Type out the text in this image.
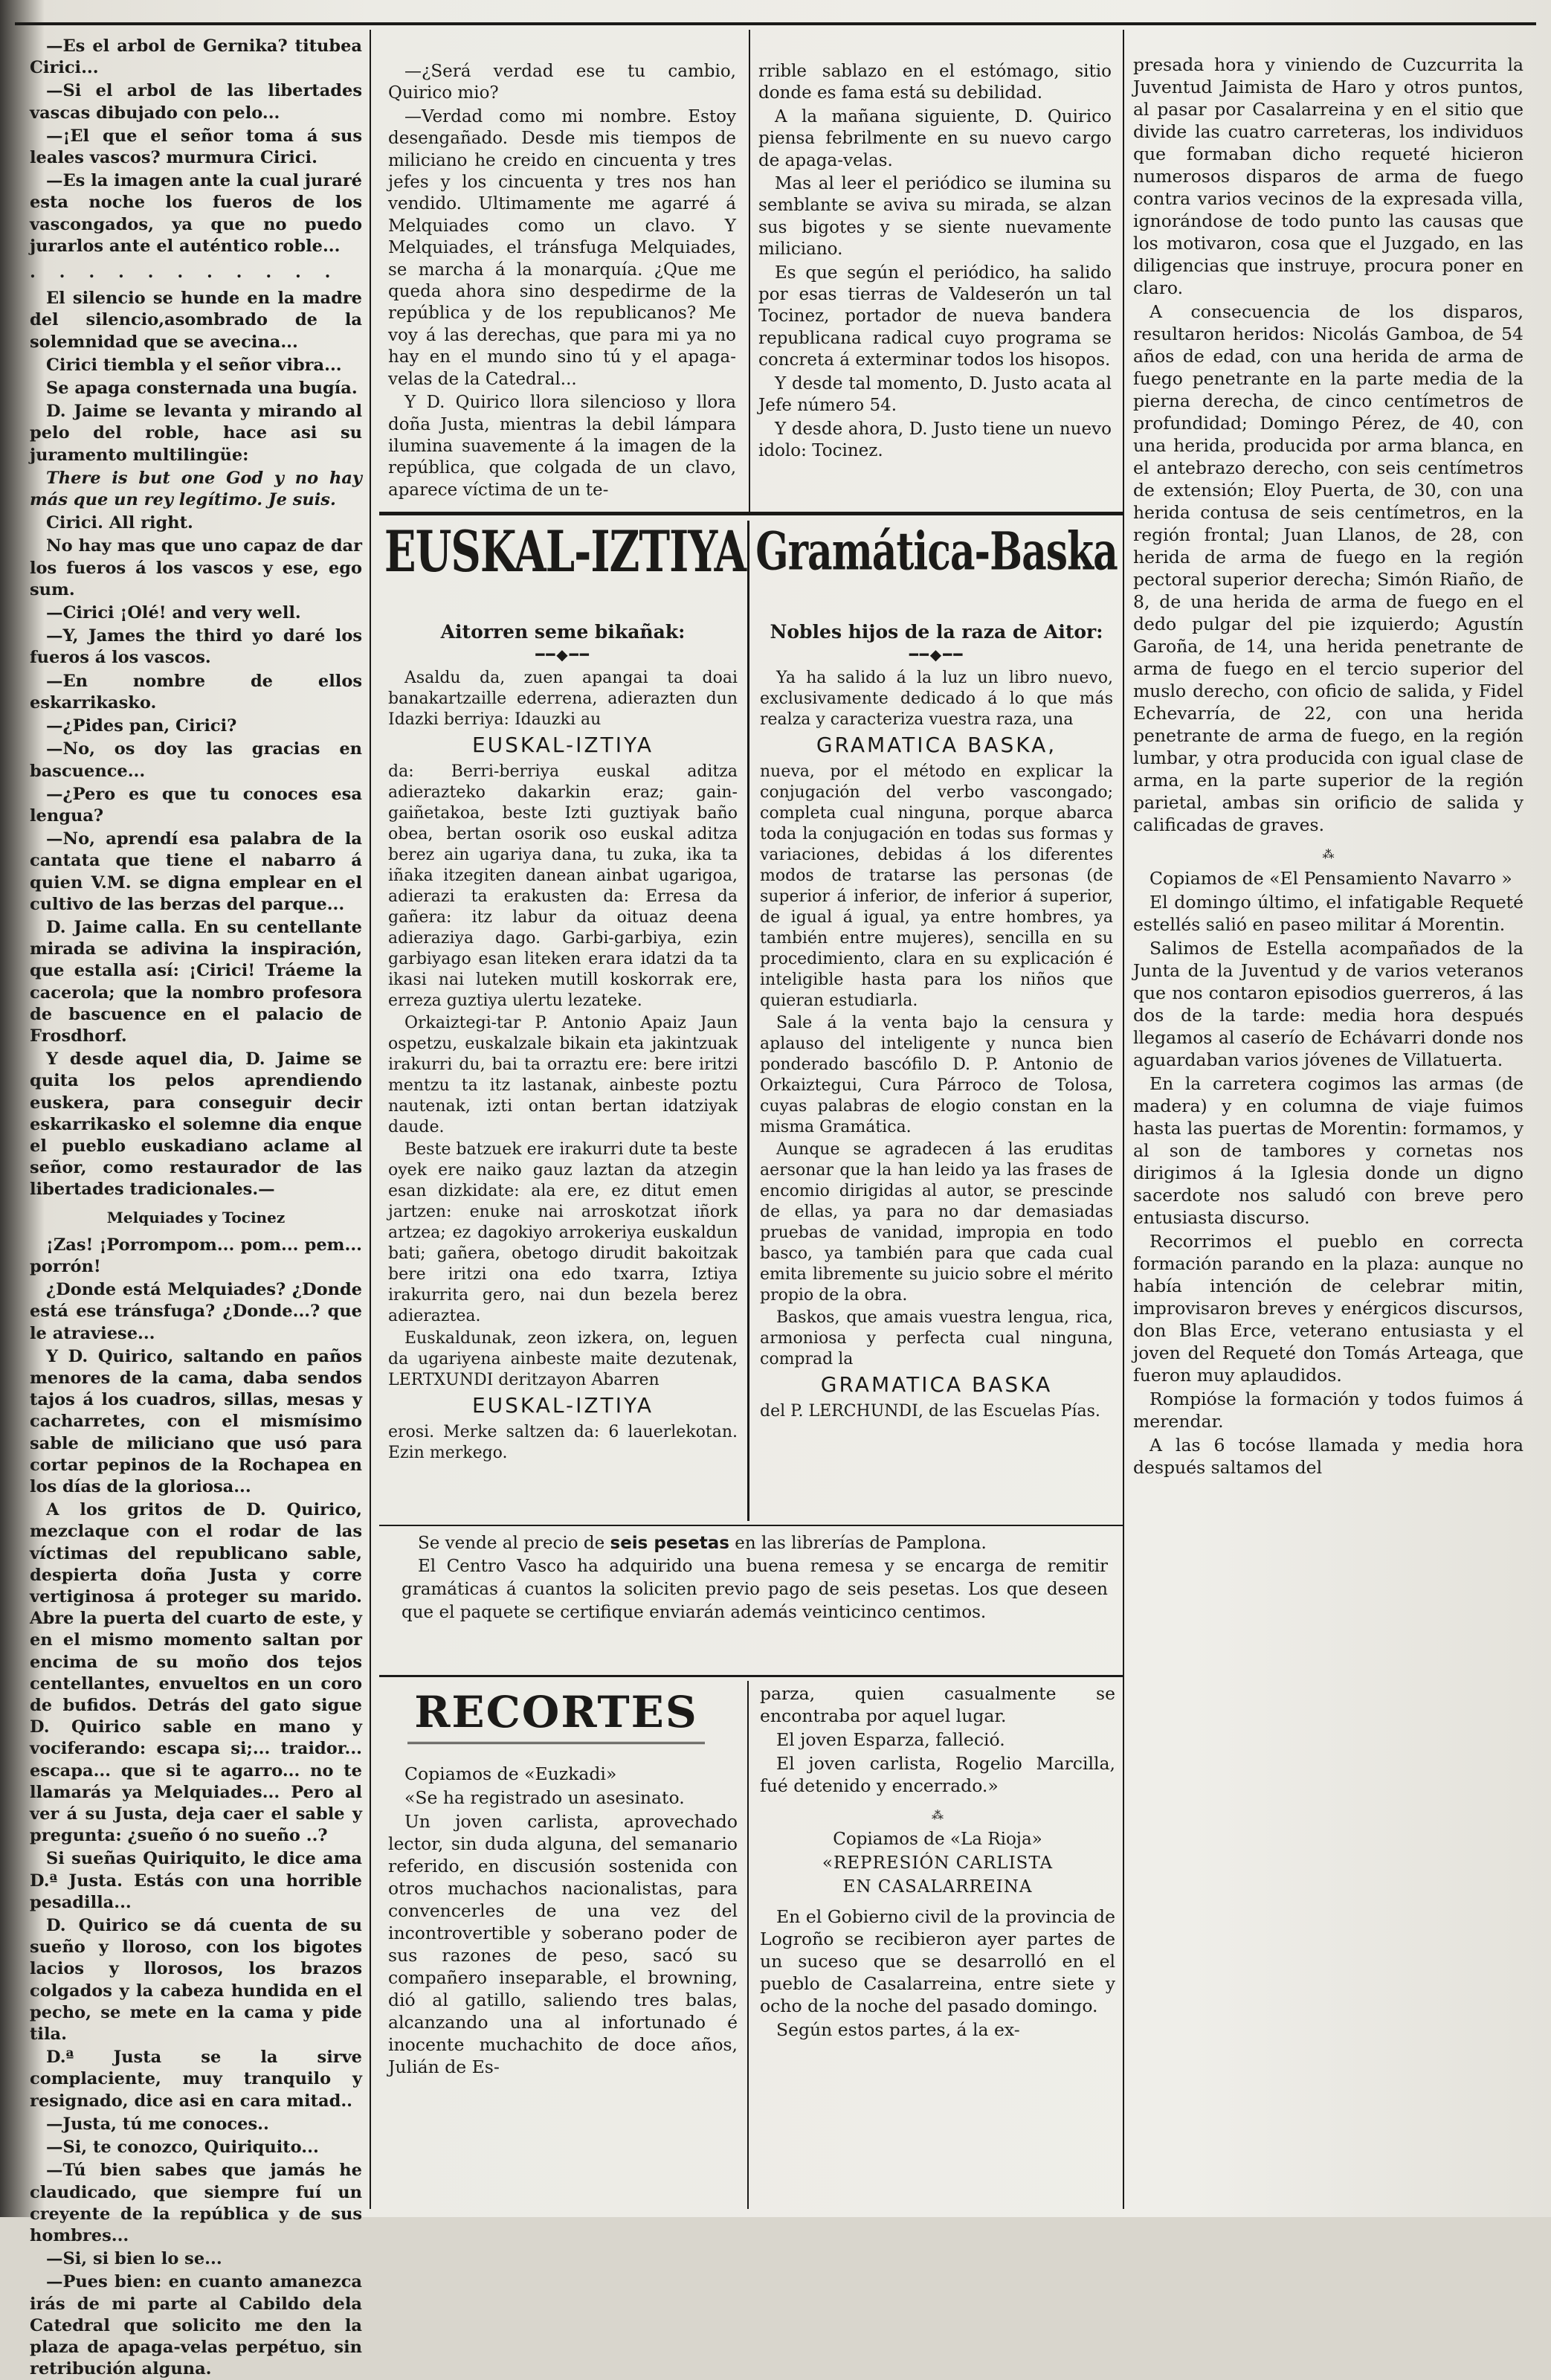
—Es el arbol de Gernika? titubea Cirici...

—Si el arbol de las libertades vascas dibujado con pelo...

—¡El que el señor toma á sus leales vascos? murmura Cirici.

—Es la imagen ante la cual juraré esta noche los fueros de los vascongados, ya que no puedo jurarlos ante el auténtico roble...

. . . . . . . . . . .

El silencio se hunde en la madre del silencio,asombrado de la solemnidad que se avecina...

Cirici tiembla y el señor vibra...

Se apaga consternada una bugía.

D. Jaime se levanta y mirando al pelo del roble, hace asi su juramento multilingüe:

There is but one God y no hay más que un rey legítimo. Je suis.

Cirici. All right.

No hay mas que uno capaz de dar los fueros á los vascos y ese, ego sum.

—Cirici ¡Olé! and very well.

—Y, James the third yo daré los fueros á los vascos.

—En nombre de ellos eskarrikasko.

—¿Pides pan, Cirici?

—No, os doy las gracias en bascuence...

—¿Pero es que tu conoces esa lengua?

—No, aprendí esa palabra de la cantata que tiene el nabarro á quien V.M. se digna emplear en el cultivo de las berzas del parque...

D. Jaime calla. En su centellante mirada se adivina la inspiración, que estalla así: ¡Cirici! Tráeme la cacerola; que la nombro profesora de bascuence en el palacio de Frosdhorf.

Y desde aquel dia, D. Jaime se quita los pelos aprendiendo euskera, para conseguir decir eskarrikasko el solemne dia enque el pueblo euskadiano aclame al señor, como restaurador de las libertades tradicionales.—

Melquiades y Tocinez

¡Zas! ¡Porrompom... pom... pem... porrón!

¿Donde está Melquiades? ¿Donde está ese tránsfuga? ¿Donde...? que le atraviese...

Y D. Quirico, saltando en paños menores de la cama, daba sendos tajos á los cuadros, sillas, mesas y cacharretes, con el mismísimo sable de miliciano que usó para cortar pepinos de la Rochapea en los días de la gloriosa...

A los gritos de D. Quirico, mezclaque con el rodar de las víctimas del republicano sable, despierta doña Justa y corre vertiginosa á proteger su marido. Abre la puerta del cuarto de este, y en el mismo momento saltan por encima de su moño dos tejos centellantes, envueltos en un coro de bufidos. Detrás del gato sigue D. Quirico sable en mano y vociferando: escapa si;... traidor... escapa... que si te agarro... no te llamarás ya Melquiades... Pero al ver á su Justa, deja caer el sable y pregunta: ¿sueño ó no sueño ..?

Si sueñas Quiriquito, le dice ama D.ª Justa. Estás con una horrible pesadilla...

D. Quirico se dá cuenta de su sueño y lloroso, con los bigotes lacios y llorosos, los brazos colgados y la cabeza hundida en el pecho, se mete en la cama y pide tila.

D.ª Justa se la sirve complaciente, muy tranquilo y resignado, dice asi en cara mitad..

—Justa, tú me conoces..

—Si, te conozco, Quiriquito...

—Tú bien sabes que jamás he claudicado, que siempre fuí un creyente de la república y de sus hombres...

—Si, si bien lo se...

—Pues bien: en cuanto amanezca irás de mi parte al Cabildo dela Catedral que solicito me den la plaza de apaga-velas perpétuo, sin retribución alguna.

—¿Será verdad ese tu cambio, Quirico mio?

—Verdad como mi nombre. Estoy desengañado. Desde mis tiempos de miliciano he creido en cincuenta y tres jefes y los cincuenta y tres nos han vendido. Ultimamente me agarré á Melquiades como un clavo. Y Melquiades, el tránsfuga Melquiades, se marcha á la monarquía. ¿Que me queda ahora sino despedirme de la república y de los republicanos? Me voy á las derechas, que para mi ya no hay en el mundo sino tú y el apaga-velas de la Catedral...

Y D. Quirico llora silencioso y llora doña Justa, mientras la debil lámpara ilumina suavemente á la imagen de la república, que colgada de un clavo, aparece víctima de un te-

rrible sablazo en el estómago, sitio donde es fama está su debilidad.

A la mañana siguiente, D. Quirico piensa febrilmente en su nuevo cargo de apaga-velas.

Mas al leer el periódico se ilumina su semblante se aviva su mirada, se alzan sus bigotes y se siente nuevamente miliciano.

Es que según el periódico, ha salido por esas tierras de Valdeserón un tal Tocinez, portador de nueva bandera republicana radical cuyo programa se concreta á exterminar todos los hisopos.

Y desde tal momento, D. Justo acata al Jefe número 54.

Y desde ahora, D. Justo tiene un nuevo idolo: Tocinez.

presada hora y viniendo de Cuzcurrita la Juventud Jaimista de Haro y otros puntos, al pasar por Casalarreina y en el sitio que divide las cuatro carreteras, los individuos que formaban dicho requeté hicieron numerosos disparos de arma de fuego contra varios vecinos de la expresada villa, ignorándose de todo punto las causas que los motivaron, cosa que el Juzgado, en las diligencias que instruye, procura poner en claro.

A consecuencia de los disparos, resultaron heridos: Nicolás Gamboa, de 54 años de edad, con una herida de arma de fuego penetrante en la parte media de la pierna derecha, de cinco centímetros de profundidad; Domingo Pérez, de 40, con una herida, producida por arma blanca, en el antebrazo derecho, con seis centímetros de extensión; Eloy Puerta, de 30, con una herida contusa de seis centímetros, en la región frontal; Juan Llanos, de 28, con herida de arma de fuego en la región pectoral superior derecha; Simón Riaño, de 8, de una herida de arma de fuego en el dedo pulgar del pie izquierdo; Agustín Garoña, de 14, una herida penetrante de arma de fuego en el tercio superior del muslo derecho, con oficio de salida, y Fidel Echevarría, de 22, con una herida penetrante de arma de fuego, en la región lumbar, y otra producida con igual clase de arma, en la parte superior de la región parietal, ambas sin orificio de salida y calificadas de graves.

⁂

Copiamos de «El Pensamiento Navarro »

El domingo último, el infatigable Requeté estellés salió en paseo militar á Morentin.

Salimos de Estella acompañados de la Junta de la Juventud y de varios veteranos que nos contaron episodios guerreros, á las dos de la tarde: media hora después llegamos al caserío de Echávarri donde nos aguardaban varios jóvenes de Villatuerta.

En la carretera cogimos las armas (de madera) y en columna de viaje fuimos hasta las puertas de Morentin: formamos, y al son de tambores y cornetas nos dirigimos á la Iglesia donde un digno sacerdote nos saludó con breve pero entusiasta discurso.

Recorrimos el pueblo en correcta formación parando en la plaza: aunque no había intención de celebrar mitin, improvisaron breves y enérgicos discursos, don Blas Erce, veterano entusiasta y el joven del Requeté don Tomás Arteaga, que fueron muy aplaudidos.

Rompióse la formación y todos fuimos á merendar.

A las 6 tocóse llamada y media hora después saltamos del

EUSKAL-IZTIYA
Aitorren seme bikañak:
━━◆━━

Asaldu da, zuen apangai ta doai banakartzaille ederrena, adierazten dun Idazki berriya: Idauzki au

EUSKAL-IZTIYA

da: Berri-berriya euskal aditza adierazteko dakarkin eraz; gain-gaiñetakoa, beste Izti guztiyak baño obea, bertan osorik oso euskal aditza berez ain ugariya dana, tu zuka, ika ta iñaka itzegiten danean ainbat ugarigoa, adierazi ta erakusten da: Erresa da gañera: itz labur da oituaz deena adieraziya dago. Garbi-garbiya, ezin garbiyago esan liteken erara idatzi da ta ikasi nai luteken mutill koskorrak ere, erreza guztiya ulertu lezateke.

Orkaiztegi-tar P. Antonio Apaiz Jaun ospetzu, euskalzale bikain eta jakintzuak irakurri du, bai ta orraztu ere: bere iritzi mentzu ta itz lastanak, ainbeste poztu nautenak, izti ontan bertan idatziyak daude.

Beste batzuek ere irakurri dute ta beste oyek ere naiko gauz laztan da atzegin esan dizkidate: ala ere, ez ditut emen jartzen: enuke nai arroskotzat iñork artzea; ez dagokiyo arrokeriya euskaldun bati; gañera, obetogo dirudit bakoitzak bere iritzi ona edo txarra, Iztiya irakurrita gero, nai dun bezela berez adieraztea.

Euskaldunak, zeon izkera, on, leguen da ugariyena ainbeste maite dezutenak, LERTXUNDI deritzayon Abarren

EUSKAL-IZTIYA

erosi. Merke saltzen da: 6 lauerlekotan. Ezin merkego.

Gramática-Baska
Nobles hijos de la raza de Aitor:
━━◆━━

Ya ha salido á la luz un libro nuevo, exclusivamente dedicado á lo que más realza y caracteriza vuestra raza, una

GRAMATICA BASKA,

nueva, por el método en explicar la conjugación del verbo vascongado; completa cual ninguna, porque abarca toda la conjugación en todas sus formas y variaciones, debidas á los diferentes modos de tratarse las personas (de superior á inferior, de inferior á superior, de igual á igual, ya entre hombres, ya también entre mujeres), sencilla en su procedimiento, clara en su explicación é inteligible hasta para los niños que quieran estudiarla.

Sale á la venta bajo la censura y aplauso del inteligente y nunca bien ponderado bascófilo D. P. Antonio de Orkaiztegui, Cura Párroco de Tolosa, cuyas palabras de elogio constan en la misma Gramática.

Aunque se agradecen á las eruditas aersonar que la han leido ya las frases de encomio dirigidas al autor, se prescinde de ellas, ya para no dar demasiadas pruebas de vanidad, impropia en todo basco, ya también para que cada cual emita libremente su juicio sobre el mérito propio de la obra.

Baskos, que amais vuestra lengua, rica, armoniosa y perfecta cual ninguna, comprad la

GRAMATICA BASKA

del P. LERCHUNDI, de las Escuelas Pías.

Se vende al precio de seis pesetas en las librerías de Pamplona.

El Centro Vasco ha adquirido una buena remesa y se encarga de remitir gramáticas á cuantos la soliciten previo pago de seis pesetas. Los que deseen que el paquete se certifique enviarán además veinticinco centimos.

RECORTES

Copiamos de «Euzkadi»

«Se ha registrado un asesinato.

Un joven carlista, aprovechado lector, sin duda alguna, del semanario referido, en discusión sostenida con otros muchachos nacionalistas, para convencerles de una vez del incontrovertible y soberano poder de sus razones de peso, sacó su compañero inseparable, el browning, dió al gatillo, saliendo tres balas, alcanzando una al infortunado é inocente muchachito de doce años, Julián de Es-

parza, quien casualmente se encontraba por aquel lugar.

El joven Esparza, falleció.

El joven carlista, Rogelio Marcilla, fué detenido y encerrado.»

⁂

Copiamos de «La Rioja»

«REPRESIÓN CARLISTA

EN CASALARREINA

En el Gobierno civil de la provincia de Logroño se recibieron ayer partes de un suceso que se desarrolló en el pueblo de Casalarreina, entre siete y ocho de la noche del pasado domingo.

Según estos partes, á la ex-
